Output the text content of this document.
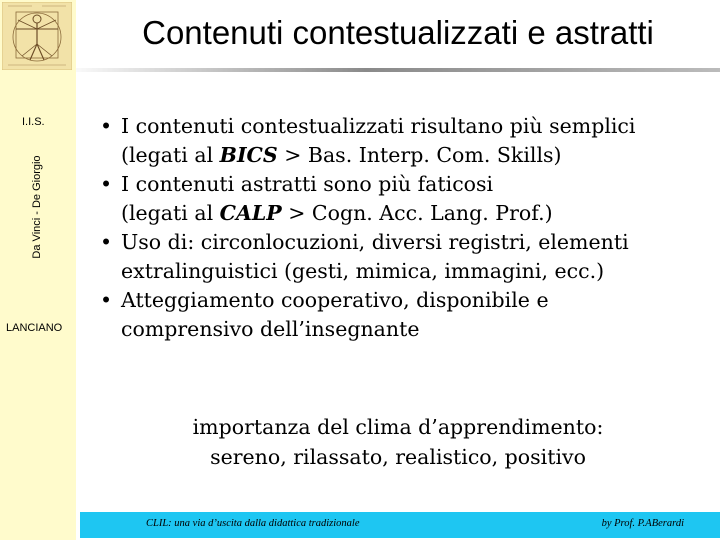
I.I.S.
Da Vinci - De Giorgio
LANCIANO
Contenuti contestualizzati e astratti
• I contenuti contestualizzati risultano più semplici
(legati al BICS > Bas. Interp. Com. Skills)
• I contenuti astratti sono più faticosi
(legati al CALP > Cogn. Acc. Lang. Prof.)
• Uso di: circonlocuzioni, diversi registri, elementi
extralinguistici (gesti, mimica, immagini, ecc.)
• Atteggiamento cooperativo, disponibile e
comprensivo dell’insegnante
importanza del clima d’apprendimento:
sereno, rilassato, realistico, positivo
CLIL: una via d’uscita dalla didattica tradizionale	by Prof. P.ABerardi
